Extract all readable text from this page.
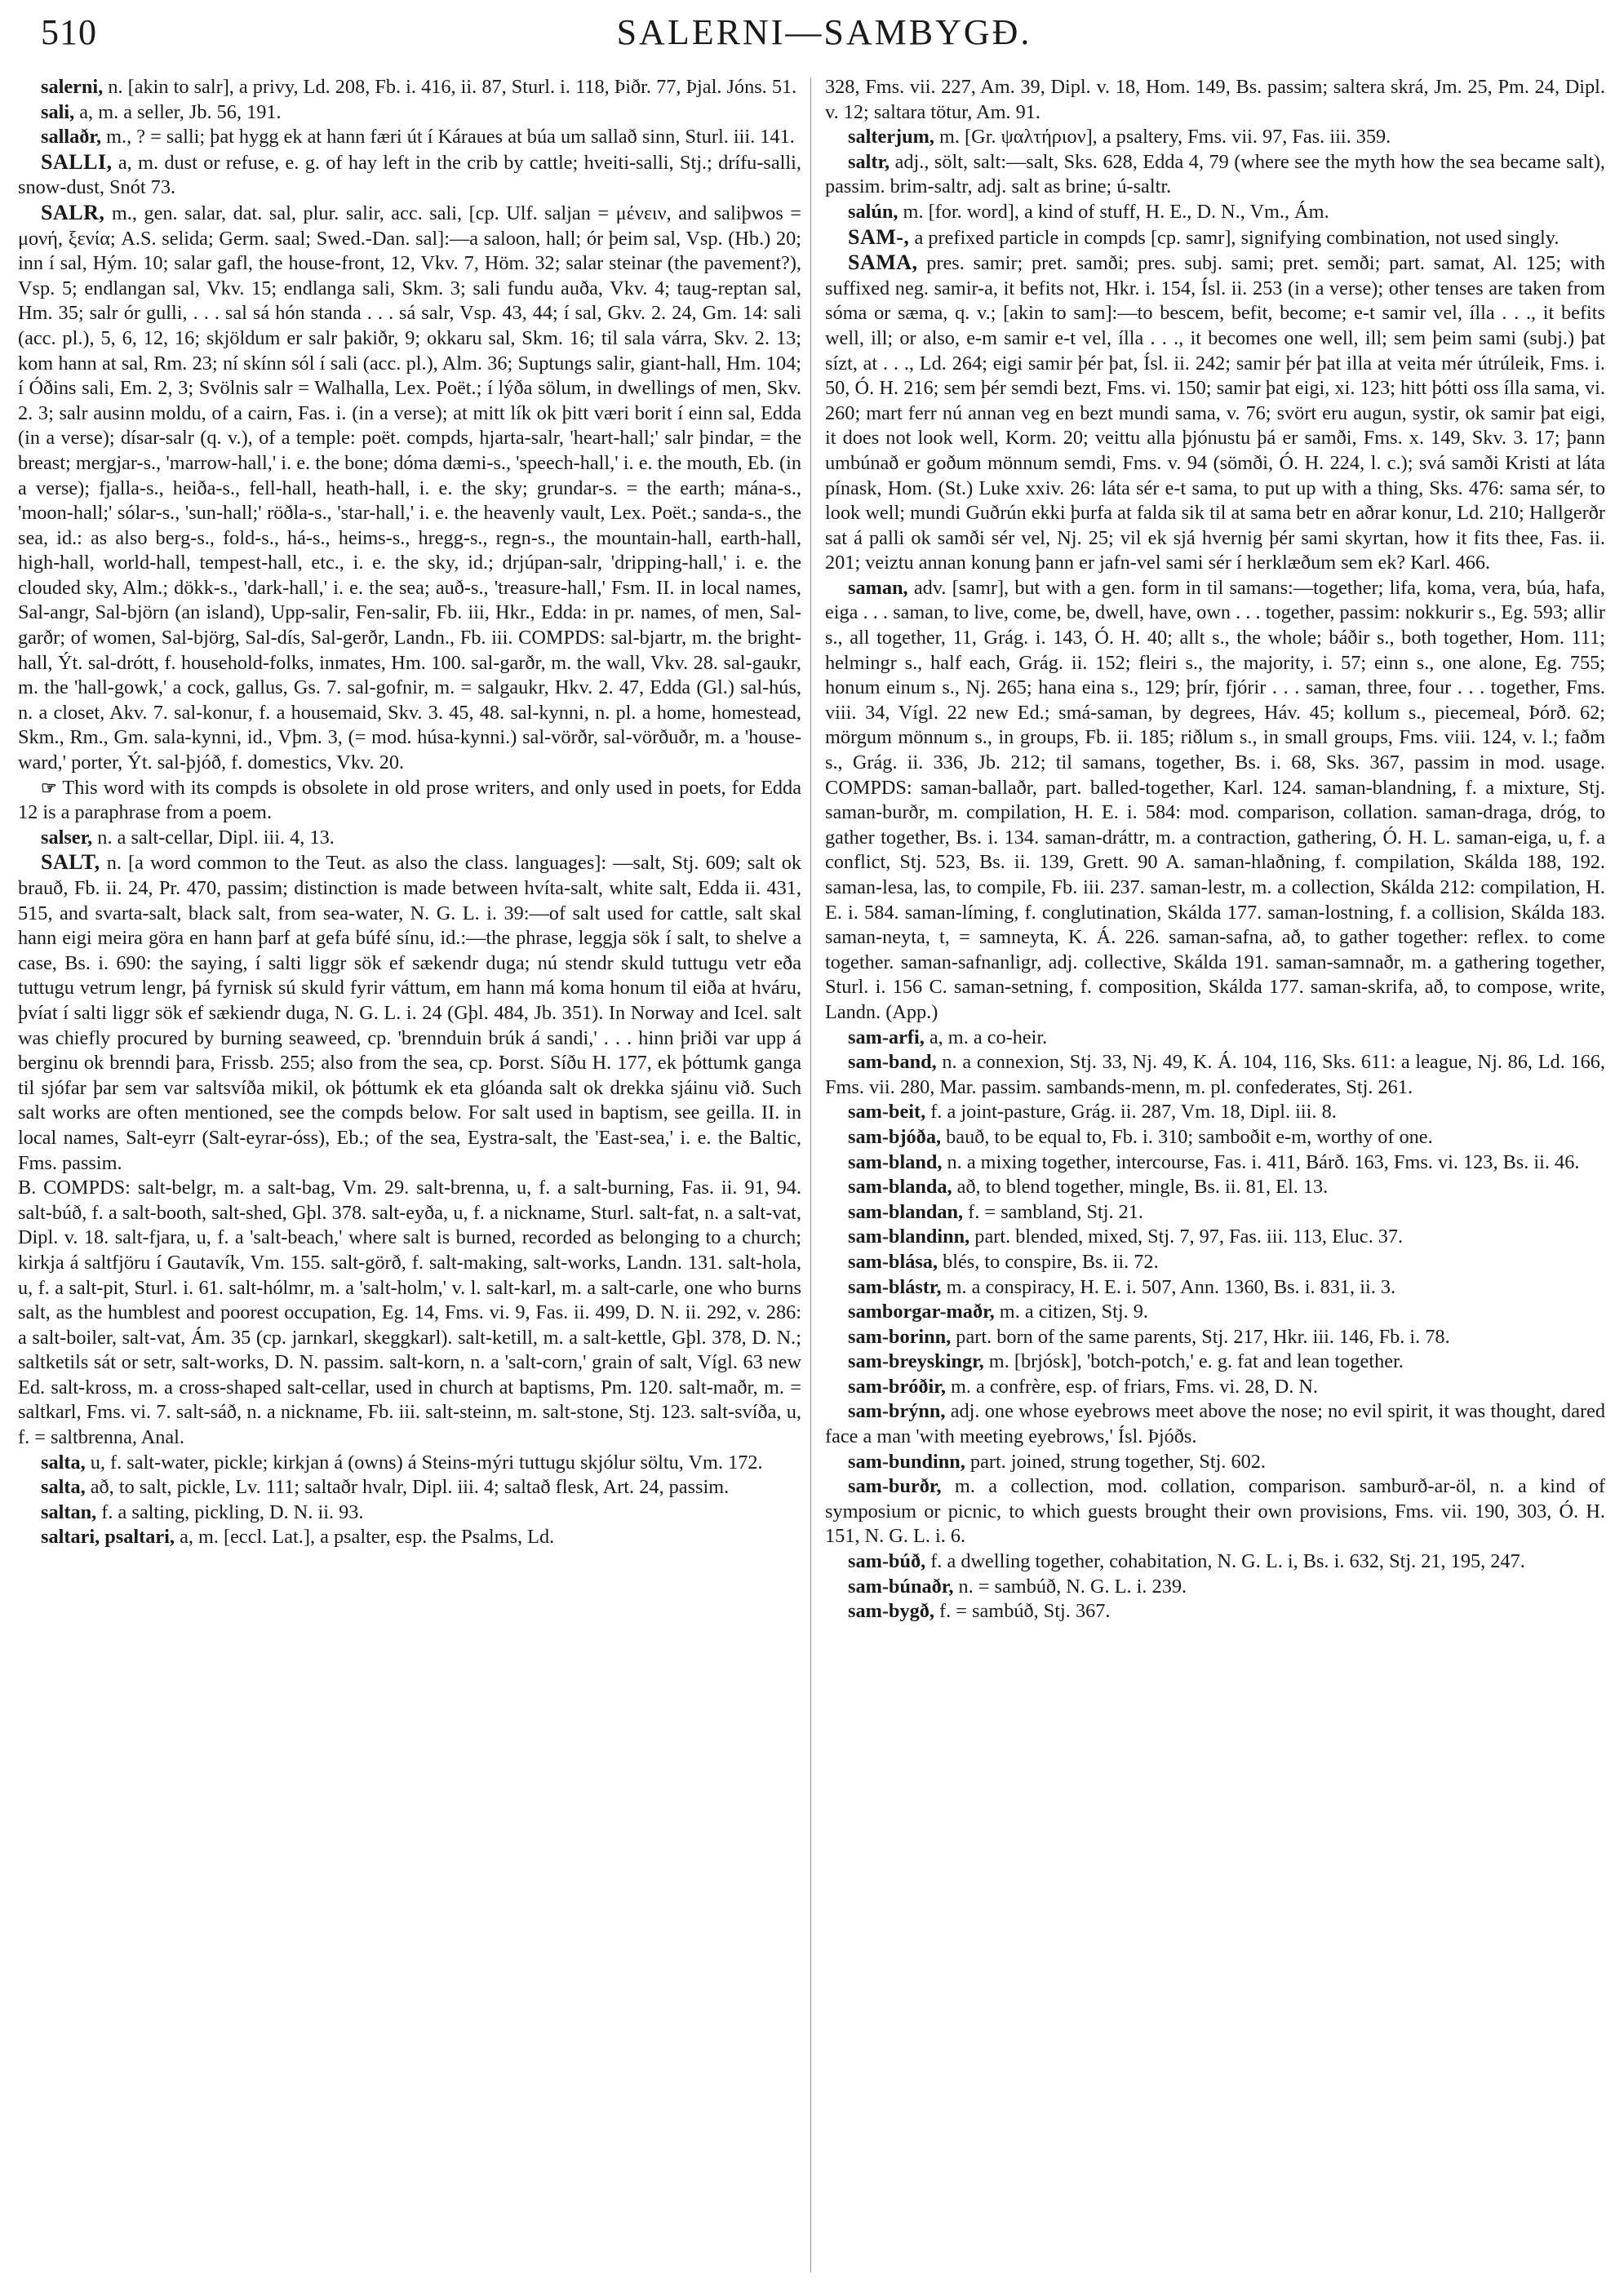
510	SALERNI—SAMBYGÐ.

salerni, n. [akin to salr], a privy, Ld. 208, Fb. i. 416, ii. 87, Sturl. i. 118, Þiðr. 77, Þjal. Jóns. 51.

sali, a, m. a seller, Jb. 56, 191.

sallaðr, m., ? = salli; þat hygg ek at hann færi út í Káraues at búa um sallað sinn, Sturl. iii. 141.

SALLI, a, m. dust or refuse, e. g. of hay left in the crib by cattle; hveiti-salli, Stj.; drífu-salli, snow-dust, Snót 73.

SALR, m., gen. salar, dat. sal, plur. salir, acc. sali, [cp. Ulf. saljan = μένειν, and saliþwos = μονή, ξενία; A.S. selida; Germ. saal; Swed.-Dan. sal]:—a saloon, hall; ór þeim sal, Vsp. (Hb.) 20; inn í sal, Hým. 10; salar gafl, the house-front, 12, Vkv. 7, Höm. 32; salar steinar (the pavement?), Vsp. 5; endlangan sal, Vkv. 15; endlanga sali, Skm. 3; sali fundu auða, Vkv. 4; taug-reptan sal, Hm. 35; salr ór gulli, . . . sal sá hón standa . . . sá salr, Vsp. 43, 44; í sal, Gkv. 2. 24, Gm. 14: sali (acc. pl.), 5, 6, 12, 16; skjöldum er salr þakiðr, 9; okkaru sal, Skm. 16; til sala várra, Skv. 2. 13; kom hann at sal, Rm. 23; ní skínn sól í sali (acc. pl.), Alm. 36; Suptungs salir, giant-hall, Hm. 104; í Óðins sali, Em. 2, 3; Svölnis salr = Walhalla, Lex. Poët.; í lýða sölum, in dwellings of men, Skv. 2. 3; salr ausinn moldu, of a cairn, Fas. i. (in a verse); at mitt lík ok þitt væri borit í einn sal, Edda (in a verse); dísar-salr (q. v.), of a temple: poët. compds, hjarta-salr, 'heart-hall;' salr þindar, = the breast; mergjar-s., 'marrow-hall,' i. e. the bone; dóma dæmi-s., 'speech-hall,' i. e. the mouth, Eb. (in a verse); fjalla-s., heiða-s., fell-hall, heath-hall, i. e. the sky; grundar-s. = the earth; mána-s., 'moon-hall;' sólar-s., 'sun-hall;' röðla-s., 'star-hall,' i. e. the heavenly vault, Lex. Poët.; sanda-s., the sea, id.: as also berg-s., fold-s., há-s., heims-s., hregg-s., regn-s., the mountain-hall, earth-hall, high-hall, world-hall, tempest-hall, etc., i. e. the sky, id.; drjúpan-salr, 'dripping-hall,' i. e. the clouded sky, Alm.; dökk-s., 'dark-hall,' i. e. the sea; auð-s., 'treasure-hall,' Fsm. II. in local names, Sal-angr, Sal-björn (an island), Upp-salir, Fen-salir, Fb. iii, Hkr., Edda: in pr. names, of men, Sal-garðr; of women, Sal-björg, Sal-dís, Sal-gerðr, Landn., Fb. iii. COMPDS: sal-bjartr, m. the bright-hall, Ýt. sal-drótt, f. household-folks, inmates, Hm. 100. sal-garðr, m. the wall, Vkv. 28. sal-gaukr, m. the 'hall-gowk,' a cock, gallus, Gs. 7. sal-gofnir, m. = salgaukr, Hkv. 2. 47, Edda (Gl.) sal-hús, n. a closet, Akv. 7. sal-konur, f. a housemaid, Skv. 3. 45, 48. sal-kynni, n. pl. a home, homestead, Skm., Rm., Gm. sala-kynni, id., Vþm. 3, (= mod. húsa-kynni.) sal-vörðr, sal-vörðuðr, m. a 'house-ward,' porter, Ýt. sal-þjóð, f. domestics, Vkv. 20.

☞ This word with its compds is obsolete in old prose writers, and only used in poets, for Edda 12 is a paraphrase from a poem.

salser, n. a salt-cellar, Dipl. iii. 4, 13.

SALT, n. [a word common to the Teut. as also the class. languages]: —salt, Stj. 609; salt ok brauð, Fb. ii. 24, Pr. 470, passim; distinction is made between hvíta-salt, white salt, Edda ii. 431, 515, and svarta-salt, black salt, from sea-water, N. G. L. i. 39:—of salt used for cattle, salt skal hann eigi meira göra en hann þarf at gefa búfé sínu, id.:—the phrase, leggja sök í salt, to shelve a case, Bs. i. 690: the saying, í salti liggr sök ef sækendr duga; nú stendr skuld tuttugu vetr eða tuttugu vetrum lengr, þá fyrnisk sú skuld fyrir váttum, em hann má koma honum til eiða at hváru, þvíat í salti liggr sök ef sækiendr duga, N. G. L. i. 24 (Gþl. 484, Jb. 351). In Norway and Icel. salt was chiefly procured by burning seaweed, cp. 'brennduin brúk á sandi,' . . . hinn þriði var upp á berginu ok brenndi þara, Frissb. 255; also from the sea, cp. Þorst. Síðu H. 177, ek þóttumk ganga til sjófar þar sem var saltsvíða mikil, ok þóttumk ek eta glóanda salt ok drekka sjáinu við. Such salt works are often mentioned, see the compds below. For salt used in baptism, see geilla. II. in local names, Salt-eyrr (Salt-eyrar-óss), Eb.; of the sea, Eystra-salt, the 'East-sea,' i. e. the Baltic, Fms. passim.

B. COMPDS: salt-belgr, m. a salt-bag, Vm. 29. salt-brenna, u, f. a salt-burning, Fas. ii. 91, 94. salt-búð, f. a salt-booth, salt-shed, Gþl. 378. salt-eyða, u, f. a nickname, Sturl. salt-fat, n. a salt-vat, Dipl. v. 18. salt-fjara, u, f. a 'salt-beach,' where salt is burned, recorded as belonging to a church; kirkja á saltfjöru í Gautavík, Vm. 155. salt-görð, f. salt-making, salt-works, Landn. 131. salt-hola, u, f. a salt-pit, Sturl. i. 61. salt-hólmr, m. a 'salt-holm,' v. l. salt-karl, m. a salt-carle, one who burns salt, as the humblest and poorest occupation, Eg. 14, Fms. vi. 9, Fas. ii. 499, D. N. ii. 292, v. 286: a salt-boiler, salt-vat, Ám. 35 (cp. jarnkarl, skeggkarl). salt-ketill, m. a salt-kettle, Gþl. 378, D. N.; saltketils sát or setr, salt-works, D. N. passim. salt-korn, n. a 'salt-corn,' grain of salt, Vígl. 63 new Ed. salt-kross, m. a cross-shaped salt-cellar, used in church at baptisms, Pm. 120. salt-maðr, m. = saltkarl, Fms. vi. 7. salt-sáð, n. a nickname, Fb. iii. salt-steinn, m. salt-stone, Stj. 123. salt-svíða, u, f. = saltbrenna, Anal.

salta, u, f. salt-water, pickle; kirkjan á (owns) á Steins-mýri tuttugu skjólur söltu, Vm. 172.

salta, að, to salt, pickle, Lv. 111; saltaðr hvalr, Dipl. iii. 4; saltað flesk, Art. 24, passim.

saltan, f. a salting, pickling, D. N. ii. 93.

saltari, psaltari, a, m. [eccl. Lat.], a psalter, esp. the Psalms, Ld.

328, Fms. vii. 227, Am. 39, Dipl. v. 18, Hom. 149, Bs. passim; saltera skrá, Jm. 25, Pm. 24, Dipl. v. 12; saltara tötur, Am. 91.

salterjum, m. [Gr. ψαλτήριον], a psaltery, Fms. vii. 97, Fas. iii. 359.

saltr, adj., sölt, salt:—salt, Sks. 628, Edda 4, 79 (where see the myth how the sea became salt), passim. brim-saltr, adj. salt as brine; ú-saltr.

salún, m. [for. word], a kind of stuff, H. E., D. N., Vm., Ám.

SAM-, a prefixed particle in compds [cp. samr], signifying combination, not used singly.

SAMA, pres. samir; pret. samði; pres. subj. sami; pret. semði; part. samat, Al. 125; with suffixed neg. samir-a, it befits not, Hkr. i. 154, Ísl. ii. 253 (in a verse); other tenses are taken from sóma or sæma, q. v.; [akin to sam]:—to bescem, befit, become; e-t samir vel, ílla . . ., it befits well, ill; or also, e-m samir e-t vel, ílla . . ., it becomes one well, ill; sem þeim sami (subj.) þat sízt, at . . ., Ld. 264; eigi samir þér þat, Ísl. ii. 242; samir þér þat illa at veita mér útrúleik, Fms. i. 50, Ó. H. 216; sem þér semdi bezt, Fms. vi. 150; samir þat eigi, xi. 123; hitt þótti oss ílla sama, vi. 260; mart ferr nú annan veg en bezt mundi sama, v. 76; svört eru augun, systir, ok samir þat eigi, it does not look well, Korm. 20; veittu alla þjónustu þá er samði, Fms. x. 149, Skv. 3. 17; þann umbúnað er goðum mönnum semdi, Fms. v. 94 (sömði, Ó. H. 224, l. c.); svá samði Kristi at láta pínask, Hom. (St.) Luke xxiv. 26: láta sér e-t sama, to put up with a thing, Sks. 476: sama sér, to look well; mundi Guðrún ekki þurfa at falda sik til at sama betr en aðrar konur, Ld. 210; Hallgerðr sat á palli ok samði sér vel, Nj. 25; vil ek sjá hvernig þér sami skyrtan, how it fits thee, Fas. ii. 201; veiztu annan konung þann er jafn-vel sami sér í herklæðum sem ek? Karl. 466.

saman, adv. [samr], but with a gen. form in til samans:—together; lifa, koma, vera, búa, hafa, eiga . . . saman, to live, come, be, dwell, have, own . . . together, passim: nokkurir s., Eg. 593; allir s., all together, 11, Grág. i. 143, Ó. H. 40; allt s., the whole; báðir s., both together, Hom. 111; helmingr s., half each, Grág. ii. 152; fleiri s., the majority, i. 57; einn s., one alone, Eg. 755; honum einum s., Nj. 265; hana eina s., 129; þrír, fjórir . . . saman, three, four . . . together, Fms. viii. 34, Vígl. 22 new Ed.; smá-saman, by degrees, Háv. 45; kollum s., piecemeal, Þórð. 62; mörgum mönnum s., in groups, Fb. ii. 185; riðlum s., in small groups, Fms. viii. 124, v. l.; faðm s., Grág. ii. 336, Jb. 212; til samans, together, Bs. i. 68, Sks. 367, passim in mod. usage. COMPDS: saman-ballaðr, part. balled-together, Karl. 124. saman-blandning, f. a mixture, Stj. saman-burðr, m. compilation, H. E. i. 584: mod. comparison, collation. saman-draga, dróg, to gather together, Bs. i. 134. saman-dráttr, m. a contraction, gathering, Ó. H. L. saman-eiga, u, f. a conflict, Stj. 523, Bs. ii. 139, Grett. 90 A. saman-hlaðning, f. compilation, Skálda 188, 192. saman-lesa, las, to compile, Fb. iii. 237. saman-lestr, m. a collection, Skálda 212: compilation, H. E. i. 584. saman-líming, f. conglutination, Skálda 177. saman-lostning, f. a collision, Skálda 183. saman-neyta, t, = samneyta, K. Á. 226. saman-safna, að, to gather together: reflex. to come together. saman-safnanligr, adj. collective, Skálda 191. saman-samnaðr, m. a gathering together, Sturl. i. 156 C. saman-setning, f. composition, Skálda 177. saman-skrifa, að, to compose, write, Landn. (App.)

sam-arfi, a, m. a co-heir.

sam-band, n. a connexion, Stj. 33, Nj. 49, K. Á. 104, 116, Sks. 611: a league, Nj. 86, Ld. 166, Fms. vii. 280, Mar. passim. sambands-menn, m. pl. confederates, Stj. 261.

sam-beit, f. a joint-pasture, Grág. ii. 287, Vm. 18, Dipl. iii. 8.

sam-bjóða, bauð, to be equal to, Fb. i. 310; samboðit e-m, worthy of one.

sam-bland, n. a mixing together, intercourse, Fas. i. 411, Bárð. 163, Fms. vi. 123, Bs. ii. 46.

sam-blanda, að, to blend together, mingle, Bs. ii. 81, El. 13.

sam-blandan, f. = sambland, Stj. 21.

sam-blandinn, part. blended, mixed, Stj. 7, 97, Fas. iii. 113, Eluc. 37.

sam-blása, blés, to conspire, Bs. ii. 72.

sam-blástr, m. a conspiracy, H. E. i. 507, Ann. 1360, Bs. i. 831, ii. 3.

samborgar-maðr, m. a citizen, Stj. 9.

sam-borinn, part. born of the same parents, Stj. 217, Hkr. iii. 146, Fb. i. 78.

sam-breyskingr, m. [brjósk], 'botch-potch,' e. g. fat and lean together.

sam-bróðir, m. a confrère, esp. of friars, Fms. vi. 28, D. N.

sam-brýnn, adj. one whose eyebrows meet above the nose; no evil spirit, it was thought, dared face a man 'with meeting eyebrows,' Ísl. Þjóðs.

sam-bundinn, part. joined, strung together, Stj. 602.

sam-burðr, m. a collection, mod. collation, comparison. samburð-ar-öl, n. a kind of symposium or picnic, to which guests brought their own provisions, Fms. vii. 190, 303, Ó. H. 151, N. G. L. i. 6.

sam-búð, f. a dwelling together, cohabitation, N. G. L. i, Bs. i. 632, Stj. 21, 195, 247.

sam-búnaðr, n. = sambúð, N. G. L. i. 239.

sam-bygð, f. = sambúð, Stj. 367.
